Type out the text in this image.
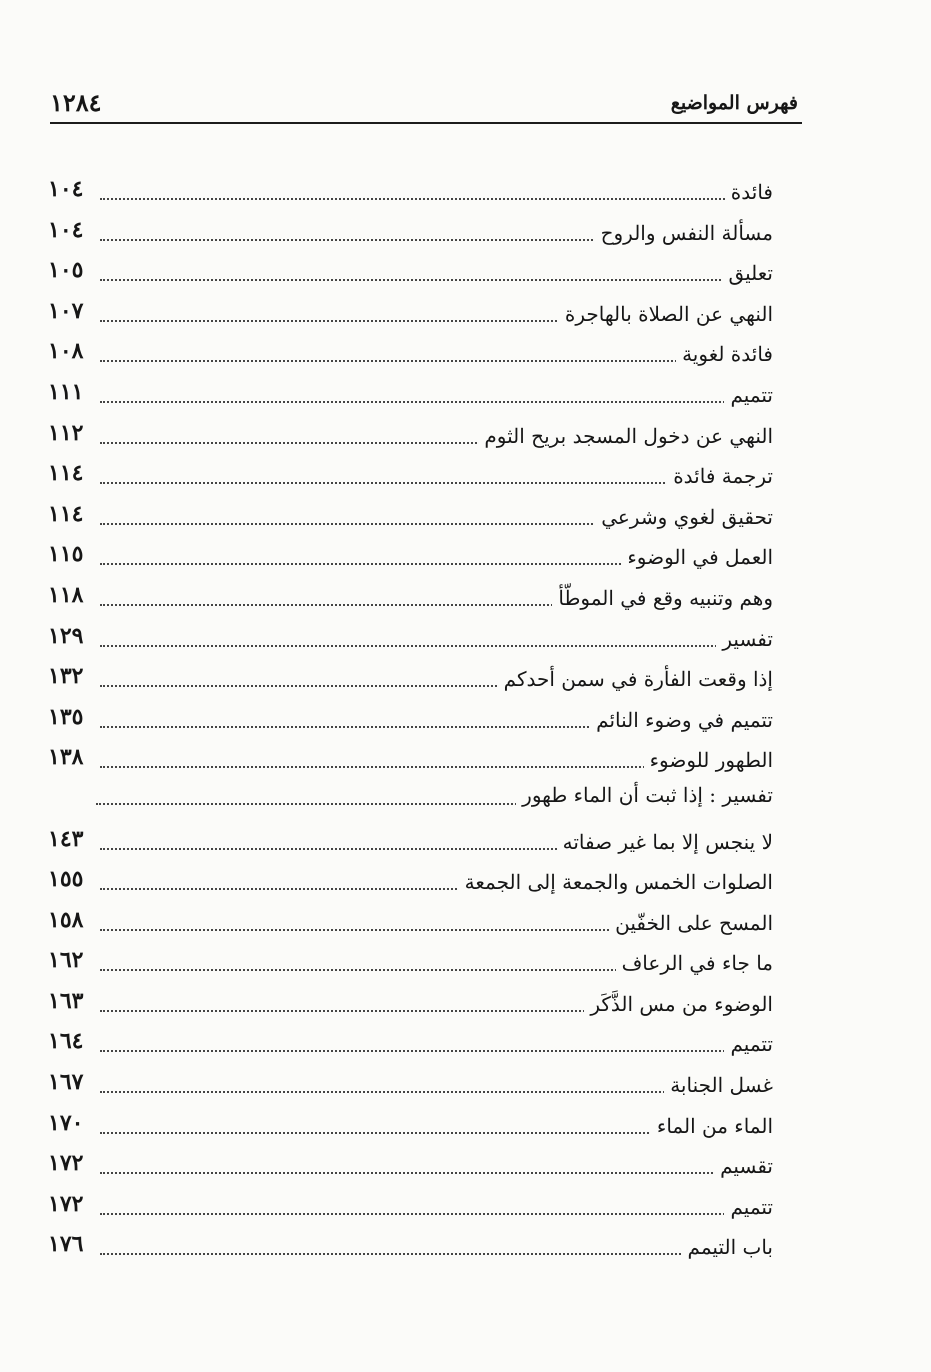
فهرس المواضيع
١٢٨٤
فائدة
١٠٤
مسألة النفس والروح
١٠٤
تعليق
١٠٥
النهي عن الصلاة بالهاجرة
١٠٧
فائدة لغوية
١٠٨
تتميم
١١١
النهي عن دخول المسجد بريح الثوم
١١٢
ترجمة فائدة
١١٤
تحقيق لغوي وشرعي
١١٤
العمل في الوضوء
١١٥
وهم وتنبيه وقع في الموطّأ
١١٨
تفسير
١٢٩
إذا وقعت الفأرة في سمن أحدكم
١٣٢
تتميم في وضوء النائم
١٣٥
الطهور للوضوء
١٣٨
تفسير : إذا ثبت أن الماء طهور
لا ينجس إلا بما غير صفاته
١٤٣
الصلوات الخمس والجمعة إلى الجمعة
١٥٥
المسح على الخفّين
١٥٨
ما جاء في الرعاف
١٦٢
الوضوء من مس الذَّكَر
١٦٣
تتميم
١٦٤
غسل الجنابة
١٦٧
الماء من الماء
١٧٠
تقسيم
١٧٢
تتميم
١٧٢
باب التيمم
١٧٦
